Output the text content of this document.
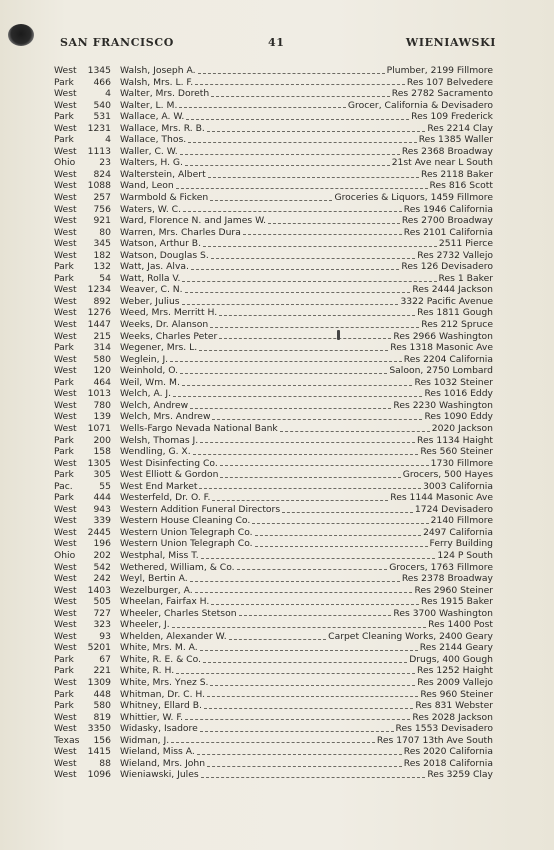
SAN FRANCISCO	41	WIENIAWSKI
West	1345 Walsh, Joseph A.	Plumber, 2199 Fillmore
Park	466 Walsh, Mrs. L. F.	Res 107 Belvedere
West	4 Walter, Mrs. Doreth	Res 2782 Sacramento
West	540 Walter, L. M.	Grocer, California & Devisadero
Park	531 Wallace, A. W.	Res 109 Frederick
West	1231 Wallace, Mrs. R. B.	Res 2214 Clay
Park	4 Wallace, Thos.	Res 1385 Waller
West	1113 Waller, C. W.	Res 2368 Broadway
Ohio	23 Walters, H. G.	21st Ave near L South
West	824 Walterstein, Albert	Res 2118 Baker
West	1088 Wand, Leon	Res 816 Scott
West	257 Warmbold & Ficken	Groceries & Liquors, 1459 Fillmore
West	756 Waters, W. C.	Res 1946 California
West	921 Ward, Florence N. and James W.	Res 2700 Broadway
West	80 Warren, Mrs. Charles Dura	Res 2101 California
West	345 Watson, Arthur B.	2511 Pierce
West	182 Watson, Douglas S.	Res 2732 Vallejo
Park	132 Watt, Jas. Alva.	Res 126 Devisadero
Park	54 Watt, Rolla V.	Res 1 Baker
West	1234 Weaver, C. N.	Res 2444 Jackson
West	892 Weber, Julius	3322 Pacific Avenue
West	1276 Weed, Mrs. Merritt H.	Res 1811 Gough
West	1447 Weeks, Dr. Alanson	Res 212 Spruce
West	215 Weeks, Charles Peter	Res 2966 Washington
Park	314 Wegener, Mrs. L.	Res 1318 Masonic Ave
West	580 Weglein, J.	Res 2204 California
West	120 Weinhold, O.	Saloon, 2750 Lombard
Park	464 Weil, Wm. M.	Res 1032 Steiner
West	1013 Welch, A. J.	Res 1016 Eddy
West	780 Welch, Andrew	Res 2230 Washington
West	139 Welch, Mrs. Andrew	Res 1090 Eddy
West	1071 Wells-Fargo Nevada National Bank	2020 Jackson
Park	200 Welsh, Thomas J.	Res 1134 Haight
Park	158 Wendling, G. X.	Res 560 Steiner
West	1305 West Disinfecting Co.	1730 Fillmore
Park	305 West Elliott & Gordon	Grocers, 500 Hayes
Pac.	55 West End Market	3003 California
Park	444 Westerfeld, Dr. O. F.	Res 1144 Masonic Ave
West	943 Western Addition Funeral Directors	1724 Devisadero
West	339 Western House Cleaning Co.	2140 Fillmore
West	2445 Western Union Telegraph Co.	2497 California
West	196 Western Union Telegraph Co.	Ferry Building
Ohio	202 Westphal, Miss T.	124 P South
West	542 Wethered, William, & Co.	Grocers, 1763 Fillmore
West	242 Weyl, Bertin A.	Res 2378 Broadway
West	1403 Wezelburger, A.	Res 2960 Steiner
West	505 Wheelan, Fairfax H.	Res 1915 Baker
West	727 Wheeler, Charles Stetson	Res 3700 Washington
West	323 Wheeler, J.	Res 1400 Post
West	93 Whelden, Alexander W.	Carpet Cleaning Works, 2400 Geary
West	5201 White, Mrs. M. A.	Res 2144 Geary
Park	67 White, R. E. & Co.	Drugs, 400 Gough
Park	221 White, R. H.	Res 1252 Haight
West	1309 White, Mrs. Ynez S.	Res 2009 Vallejo
Park	448 Whitman, Dr. C. H.	Res 960 Steiner
Park	580 Whitney, Ellard B.	Res 831 Webster
West	819 Whittier, W. F.	Res 2028 Jackson
West	3350 Widasky, Isadore	Res 1553 Devisadero
Texas	156 Widman, J.	Res 1707 13th Ave South
West	1415 Wieland, Miss A.	Res 2020 California
West	88 Wieland, Mrs. John	Res 2018 California
West	1096 Wieniawski, Jules	Res 3259 Clay
